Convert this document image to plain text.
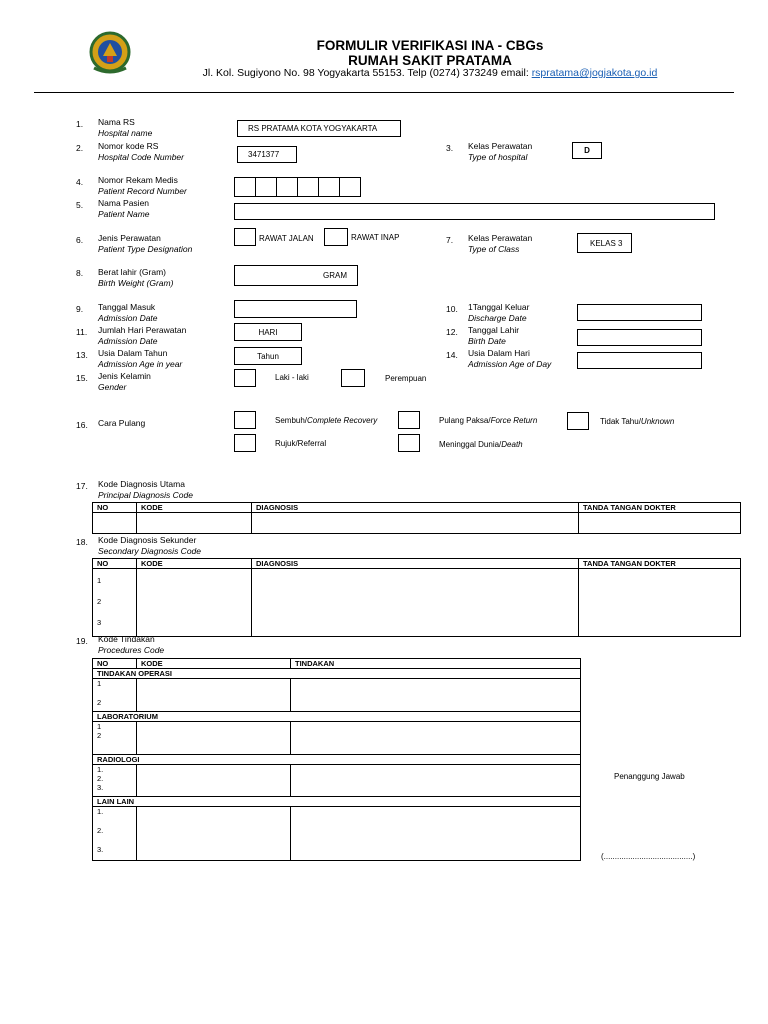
FORMULIR VERIFIKASI INA - CBGs
RUMAH SAKIT PRATAMA
Jl. Kol. Sugiyono No. 98 Yogyakarta 55153. Telp (0274) 373249 email: rspratama@jogjakota.go.id
1. Nama RS
Hospital name	RS PRATAMA KOTA YOGYAKARTA
2. Nomor kode RS
Hospital Code Number	3471377
3. Kelas Perawatan
Type of hospital
D
4. Nomor Rekam Medis
Patient Record Number
5. Nama Pasien
Patient Name
6. Jenis Perawatan
Patient Type Designation
RAWAT JALAN	RAWAT INAP	7. Kelas Perawatan
Type of Class
KELAS 3
8. Berat lahir (Gram)
Birth Weight (Gram)
GRAM
9. Tanggal Masuk
Admission Date
10. 1Tanggal Keluar
Discharge Date
11. Jumlah Hari Perawatan
Admission Date
HARI	12. Tanggal Lahir
Birth Date
13. Usia Dalam Tahun
Admission Age in year
Tahun	14. Usia Dalam Hari
Admission Age of Day
15. Jenis Kelamin
Gender
Laki - laki	Perempuan
16. Cara Pulang	Sembuh/Complete Recovery	Pulang Paksa/Force Return	Tidak Tahu/Unknown
Rujuk/Referral	Meninggal Dunia/Death
17. Kode Diagnosis Utama
Principal Diagnosis Code
NO	KODE	DIAGNOSIS	TANDA TANGAN DOKTER

18. Kode Diagnosis Sekunder
Secondary Diagnosis Code
NO	KODE	DIAGNOSIS	TANDA TANGAN DOKTER

1
2
3			

19. Kode Tindakan
Procedures Code
NO	KODE	TINDAKAN
TINDAKAN OPERASI		

1
2		

LABORATORIUM		

1
2		

RADIOLOGI		

1.
2.
3.		

LAIN LAIN		

1.
2.
3.		

Penanggung Jawab
(........................................)
